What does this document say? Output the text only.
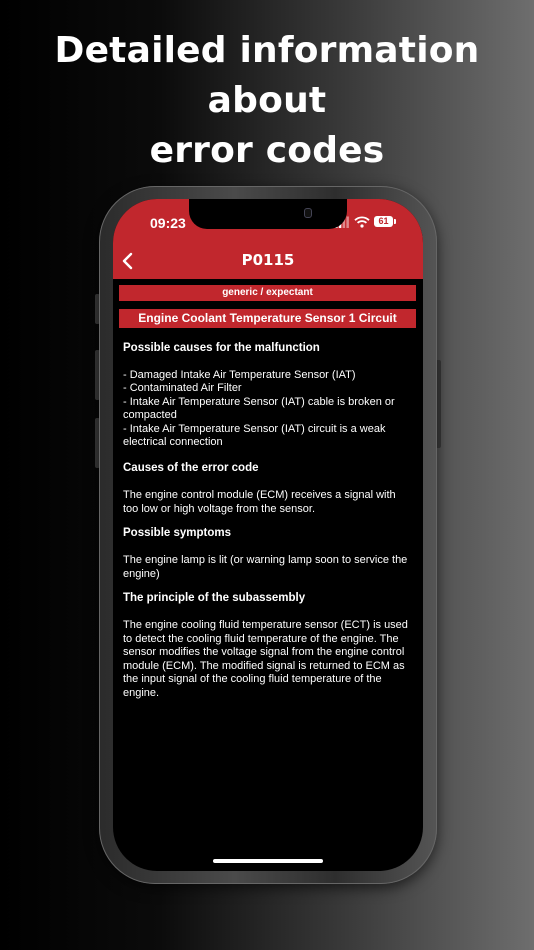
Detailed information about
error codes
09:23	61
P0115
generic / expectant
Engine Coolant Temperature Sensor 1 Circuit
Possible causes for the malfunction
- Damaged Intake Air Temperature Sensor (IAT)
- Contaminated Air Filter
- Intake Air Temperature Sensor (IAT) cable is broken or
compacted
- Intake Air Temperature Sensor (IAT) circuit is a weak
electrical connection
Causes of the error code

The engine control module (ECM) receives a signal with too low or high voltage from the sensor.

Possible symptoms

The engine lamp is lit (or warning lamp soon to service the engine)

The principle of the subassembly

The engine cooling fluid temperature sensor (ECT) is used to detect the cooling fluid temperature of the engine. The sensor modifies the voltage signal from the engine control module (ECM). The modified signal is returned to ECM as the input signal of the cooling fluid temperature of the engine.
